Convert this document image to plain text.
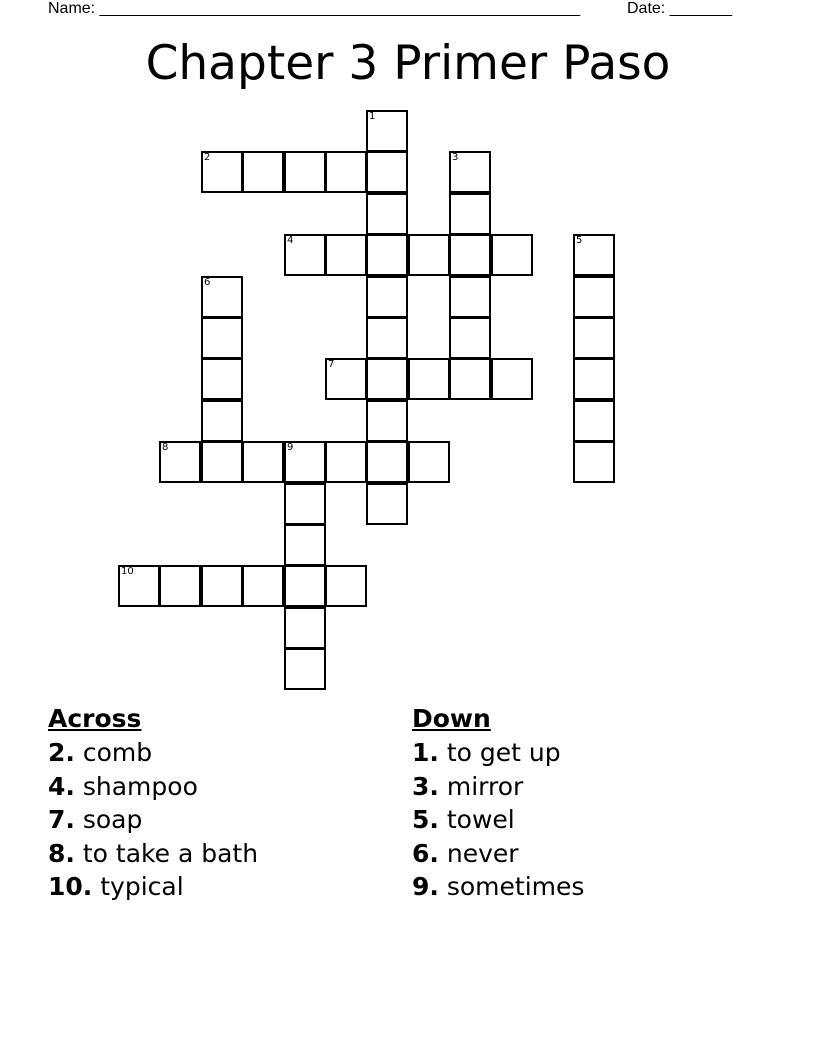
Name: ______________________________________________________	Date: _______
Chapter 3 Primer Paso
1
2	3
4	5
6
7
8	9
10
Across
2. comb
4. shampoo
7. soap
8. to take a bath
10. typical
Down
1. to get up
3. mirror
5. towel
6. never
9. sometimes
